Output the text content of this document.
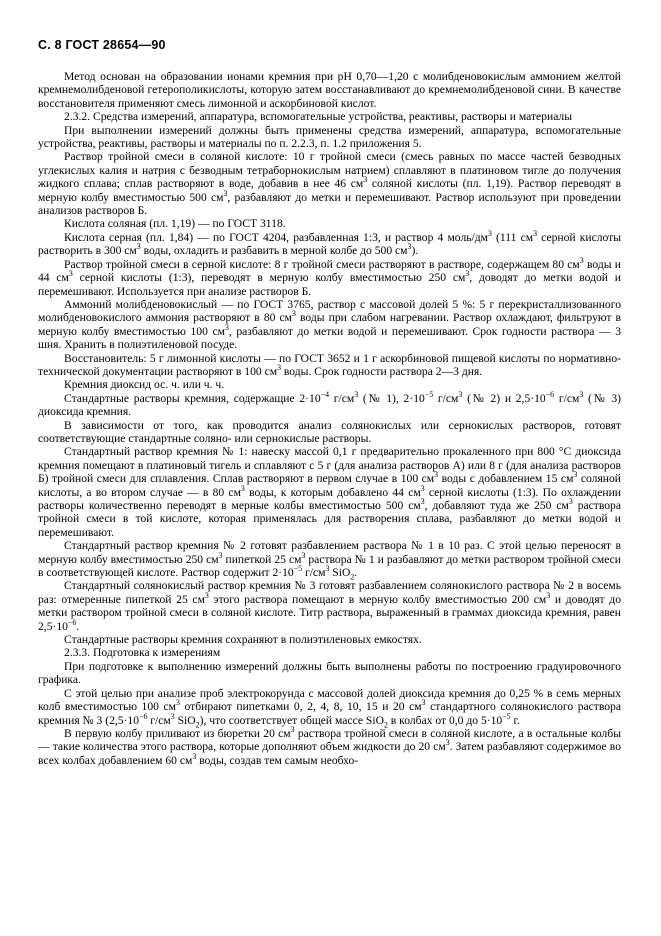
С. 8 ГОСТ 28654—90

Метод основан на образовании ионами кремния при рН 0,70—1,20 с молибденовокислым аммонием желтой кремнемолибденовой гетерополикислоты, которую затем восстанавливают до кремнемолибденовой сини. В качестве восстановителя применяют смесь лимонной и аскорбиновой кислот.

2.3.2. Средства измерений, аппаратура, вспомогательные устройства, реактивы, растворы и материалы

При выполнении измерений должны быть применены средства измерений, аппаратура, вспомогательные устройства, реактивы, растворы и материалы по п. 2.2.3, п. 1.2 приложения 5.

Раствор тройной смеси в соляной кислоте: 10 г тройной смеси (смесь равных по массе частей безводных углекислых калия и натрия с безводным тетраборнокислым натрием) сплавляют в платиновом тигле до получения жидкого сплава; сплав растворяют в воде, добавив в нее 46 $см^3$ соляной кислоты (пл. 1,19). Раствор переводят в мерную колбу вместимостью 500 $см^3$, разбавляют до метки и перемешивают. Раствор используют при проведении анализов растворов Б.

Кислота соляная (пл. 1,19) — по ГОСТ 3118.

Кислота серная (пл. 1,84) — по ГОСТ 4204, разбавленная 1:3, и раствор 4 моль/$дм^3$ (111 $см^3$ серной кислоты растворить в 300 $см^3$ воды, охладить и разбавить в мерной колбе до 500 $см^3$).

Раствор тройной смеси в серной кислоте: 8 г тройной смеси растворяют в растворе, содержащем 80 $см^3$ воды и 44 $см^3$ серной кислоты (1:3), переводят в мерную колбу вместимостью 250 $см^3$, доводят до метки водой и перемешивают. Используется при анализе растворов Б.

Аммоний молибденовокислый — по ГОСТ 3765, раствор с массовой долей 5 %: 5 г перекристаллизованного молибденовокислого аммония растворяют в 80 $см^3$ воды при слабом нагревании. Раствор охлаждают, фильтруют в мерную колбу вместимостью 100 $см^3$, разбавляют до метки водой и перемешивают. Срок годности раствора — 3 шня. Хранить в полиэтиленовой посуде.

Восстановитель: 5 г лимонной кислоты — по ГОСТ 3652 и 1 г аскорбиновой пищевой кислоты по нормативно-технической документации растворяют в 100 $см^3$ воды. Срок годности раствора 2—3 дня.

Кремния диоксид ос. ч. или ч. ч.

Стандартные растворы кремния, содержащие $2\cdot 10^{-4}$ $г/см^3$ (№ 1), $2\cdot 10^{-5}$ $г/см^3$ (№ 2) и $2,5\cdot 10^{-6}$ $г/см^3$ (№ 3) диоксида кремния.

В зависимости от того, как проводится анализ солянокислых или сернокислых растворов, готовят соответствующие стандартные соляно- или сернокислые растворы.

Стандартный раствор кремния № 1: навеску массой 0,1 г предварительно прокаленного при 800 °С диоксида кремния помещают в платиновый тигель и сплавляют с 5 г (для анализа растворов А) или 8 г (для анализа растворов Б) тройной смеси для сплавления. Сплав растворяют в первом случае в 100 $см^3$ воды с добавлением 15 $см^3$ соляной кислоты, а во втором случае — в 80 $см^3$ воды, к которым добавлено 44 $см^3$ серной кислоты (1:3). По охлаждении растворы количественно переводят в мерные колбы вместимостью 500 $см^3$, добавляют туда же 250 $см^3$ раствора тройной смеси в той кислоте, которая применялась для растворения сплава, разбавляют до метки водой и перемешивают.

Стандартный раствор кремния № 2 готовят разбавлением раствора № 1 в 10 раз. С этой целью переносят в мерную колбу вместимостью 250 $см^3$ пипеткой 25 $см^3$ раствора № 1 и разбавляют до метки раствором тройной смеси в соответствующей кислоте. Раствор содержит $2\cdot 10^{-5}$ $г/см^3$ SiO$_2$.

Стандартный солянокислый раствор кремния № 3 готовят разбавлением солянокислого раствора № 2 в восемь раз: отмеренные пипеткой 25 $см^3$ этого раствора помещают в мерную колбу вместимостью 200 $см^3$ и доводят до метки раствором тройной смеси в соляной кислоте. Титр раствора, выраженный в граммах диоксида кремния, равен $2,5\cdot 10^{-6}$.

Стандартные растворы кремния сохраняют в полиэтиленовых емкостях.

2.3.3. Подготовка к измерениям

При подготовке к выполнению измерений должны быть выполнены работы по построению градуировочного графика.

С этой целью при анализе проб электрокорунда с массовой долей диоксида кремния до 0,25 % в семь мерных колб вместимостью 100 $см^3$ отбирают пипетками 0, 2, 4, 8, 10, 15 и 20 $см^3$ стандартного солянокислого раствора кремния № 3 ($2,5\cdot 10^{-6}$ $г/см^3$ SiO$_2$), что соответствует общей массе SiO$_2$ в колбах от 0,0 до $5\cdot 10^{-5}$ г.

В первую колбу приливают из бюретки 20 $см^3$ раствора тройной смеси в соляной кислоте, а в остальные колбы — такие количества этого раствора, которые дополняют объем жидкости до 20 $см^3$. Затем разбавляют содержимое во всех колбах добавлением 60 $см^3$ воды, создав тем самым необхо-
